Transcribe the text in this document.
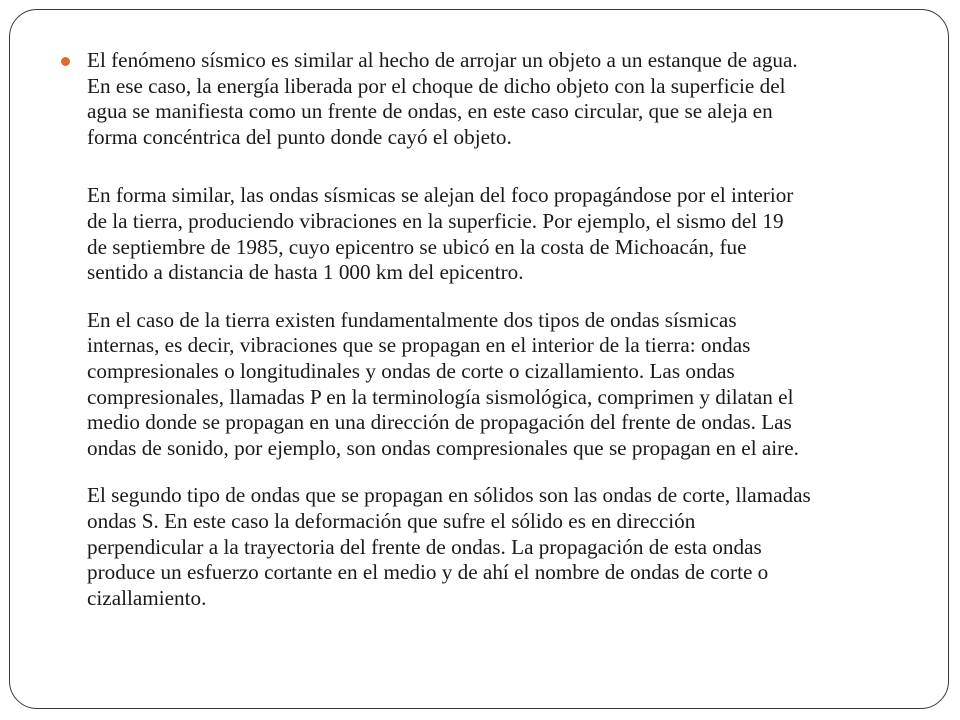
El fenómeno sísmico es similar al hecho de arrojar un objeto a un estanque de agua.
En ese caso, la energía liberada por el choque de dicho objeto con la superficie del
agua se manifiesta como un frente de ondas, en este caso circular, que se aleja en
forma concéntrica del punto donde cayó el objeto.
En forma similar, las ondas sísmicas se alejan del foco propagándose por el interior
de la tierra, produciendo vibraciones en la superficie. Por ejemplo, el sismo del 19
de septiembre de 1985, cuyo epicentro se ubicó en la costa de Michoacán, fue
sentido a distancia de hasta 1 000 km del epicentro.
En el caso de la tierra existen fundamentalmente dos tipos de ondas sísmicas
internas, es decir, vibraciones que se propagan en el interior de la tierra: ondas
compresionales o longitudinales y ondas de corte o cizallamiento. Las ondas
compresionales, llamadas P en la terminología sismológica, comprimen y dilatan el
medio donde se propagan en una dirección de propagación del frente de ondas. Las
ondas de sonido, por ejemplo, son ondas compresionales que se propagan en el aire.
El segundo tipo de ondas que se propagan en sólidos son las ondas de corte, llamadas
ondas S. En este caso la deformación que sufre el sólido es en dirección
perpendicular a la trayectoria del frente de ondas. La propagación de esta ondas
produce un esfuerzo cortante en el medio y de ahí el nombre de ondas de corte o
cizallamiento.
